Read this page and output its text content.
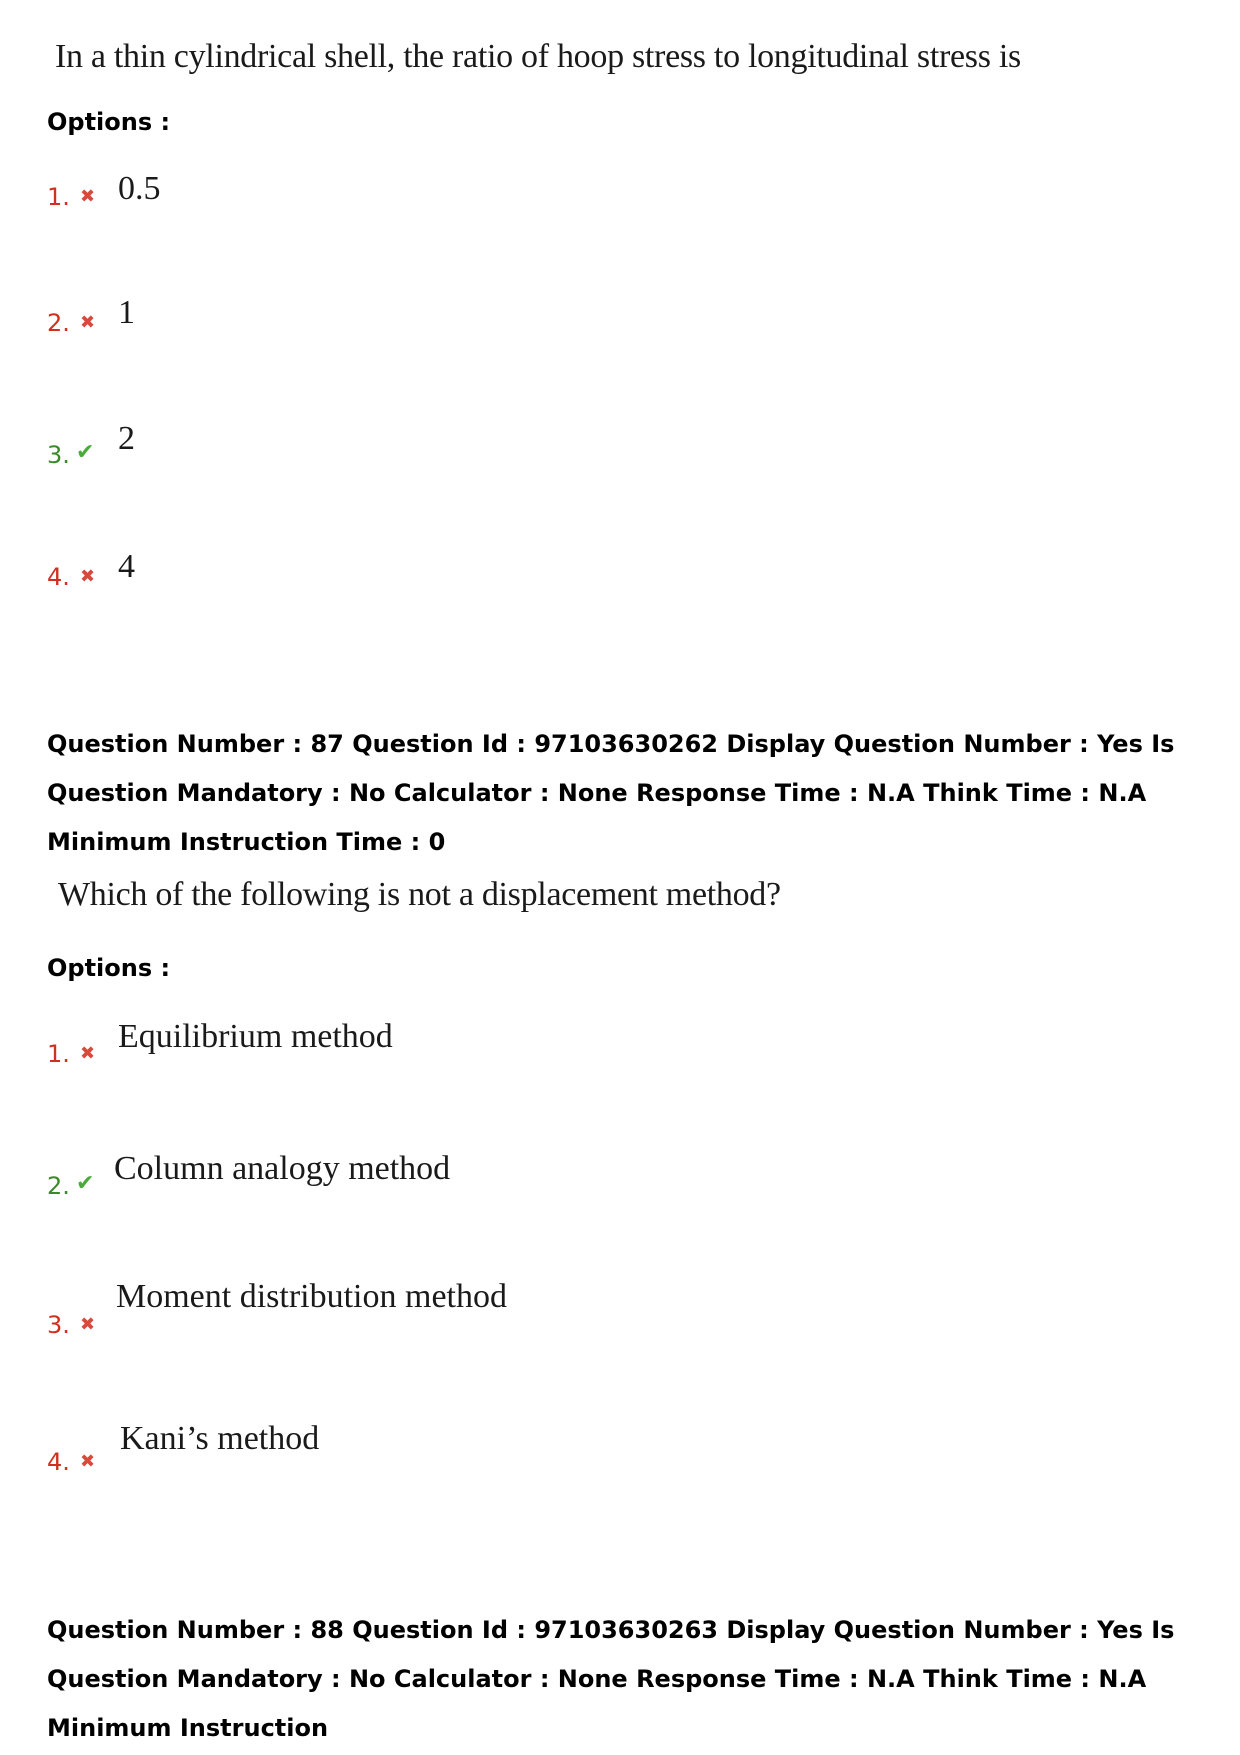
In a thin cylindrical shell, the ratio of hoop stress to longitudinal stress is
Options :
1. ✖ 0.5
2. ✖ 1
3. ✔ 2
4. ✖ 4
Question Number : 87 Question Id : 97103630262 Display Question Number : Yes Is Question Mandatory : No Calculator : None Response Time : N.A Think Time : N.A Minimum Instruction Time : 0
Which of the following is not a displacement method?
Options :
1. ✖ Equilibrium method
2. ✔ Column analogy method
3. ✖
Moment distribution method
4. ✖
Kani’s method
Question Number : 88 Question Id : 97103630263 Display Question Number : Yes Is Question Mandatory : No Calculator : None Response Time : N.A Think Time : N.A Minimum Instruction
